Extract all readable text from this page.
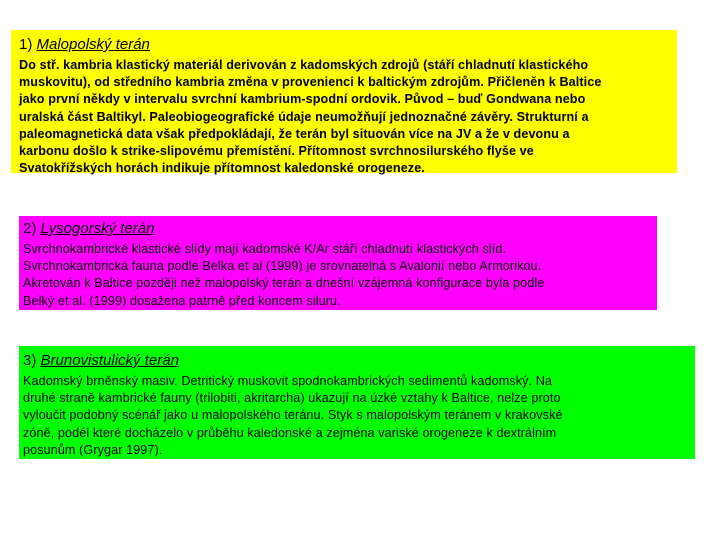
1) Malopolský terán
Do stř. kambria klastický materiál derivován z kadomských zdrojů (stáří chladnutí klastického
muskovitu), od středního kambria změna v provenienci k baltickým zdrojům. Přičleněn k Baltice
jako první někdy v intervalu svrchní kambrium-spodní ordovik. Původ – buď Gondwana nebo
uralská část Baltikyl. Paleobiogeografické údaje neumožňují jednoznačné závěry. Strukturní a
paleomagnetická data však předpokládají, že terán byl situován více na JV a že v devonu a
karbonu došlo k strike-slipovému přemístění. Přítomnost svrchnosilurského flyše ve
Svatokřížských horách indikuje přítomnost kaledonské orogeneze.
2) Lysogorský terán
Svrchnokambrické klastické slídy mají kadomské K/Ar stáří chladnutí klastických slíd.
Svrchnokambrická fauna podle Belka et al (1999) je srovnatelná s Avalonií nebo Armorikou.
Akretován k Baltice později než malopolský terán a dnešní vzájemná konfigurace byla podle
Belký et al. (1999) dosažena patrně před koncem siluru.
3) Brunovistulický terán
Kadomský brněnský masiv. Detritický muskovit spodnokambrických sedimentů kadomský. Na
druhé straně kambrické fauny (trilobiti, akritarcha) ukazují na úzké vztahy k Baltice, nelze proto
vyloučit podobný scénář jako u malopolského teránu. Styk s malopolským teránem v krakovské
zóně, podél které docházelo v průběhu kaledonské a zejména variské orogeneze k dextrálním
posunům (Grygar 1997).
